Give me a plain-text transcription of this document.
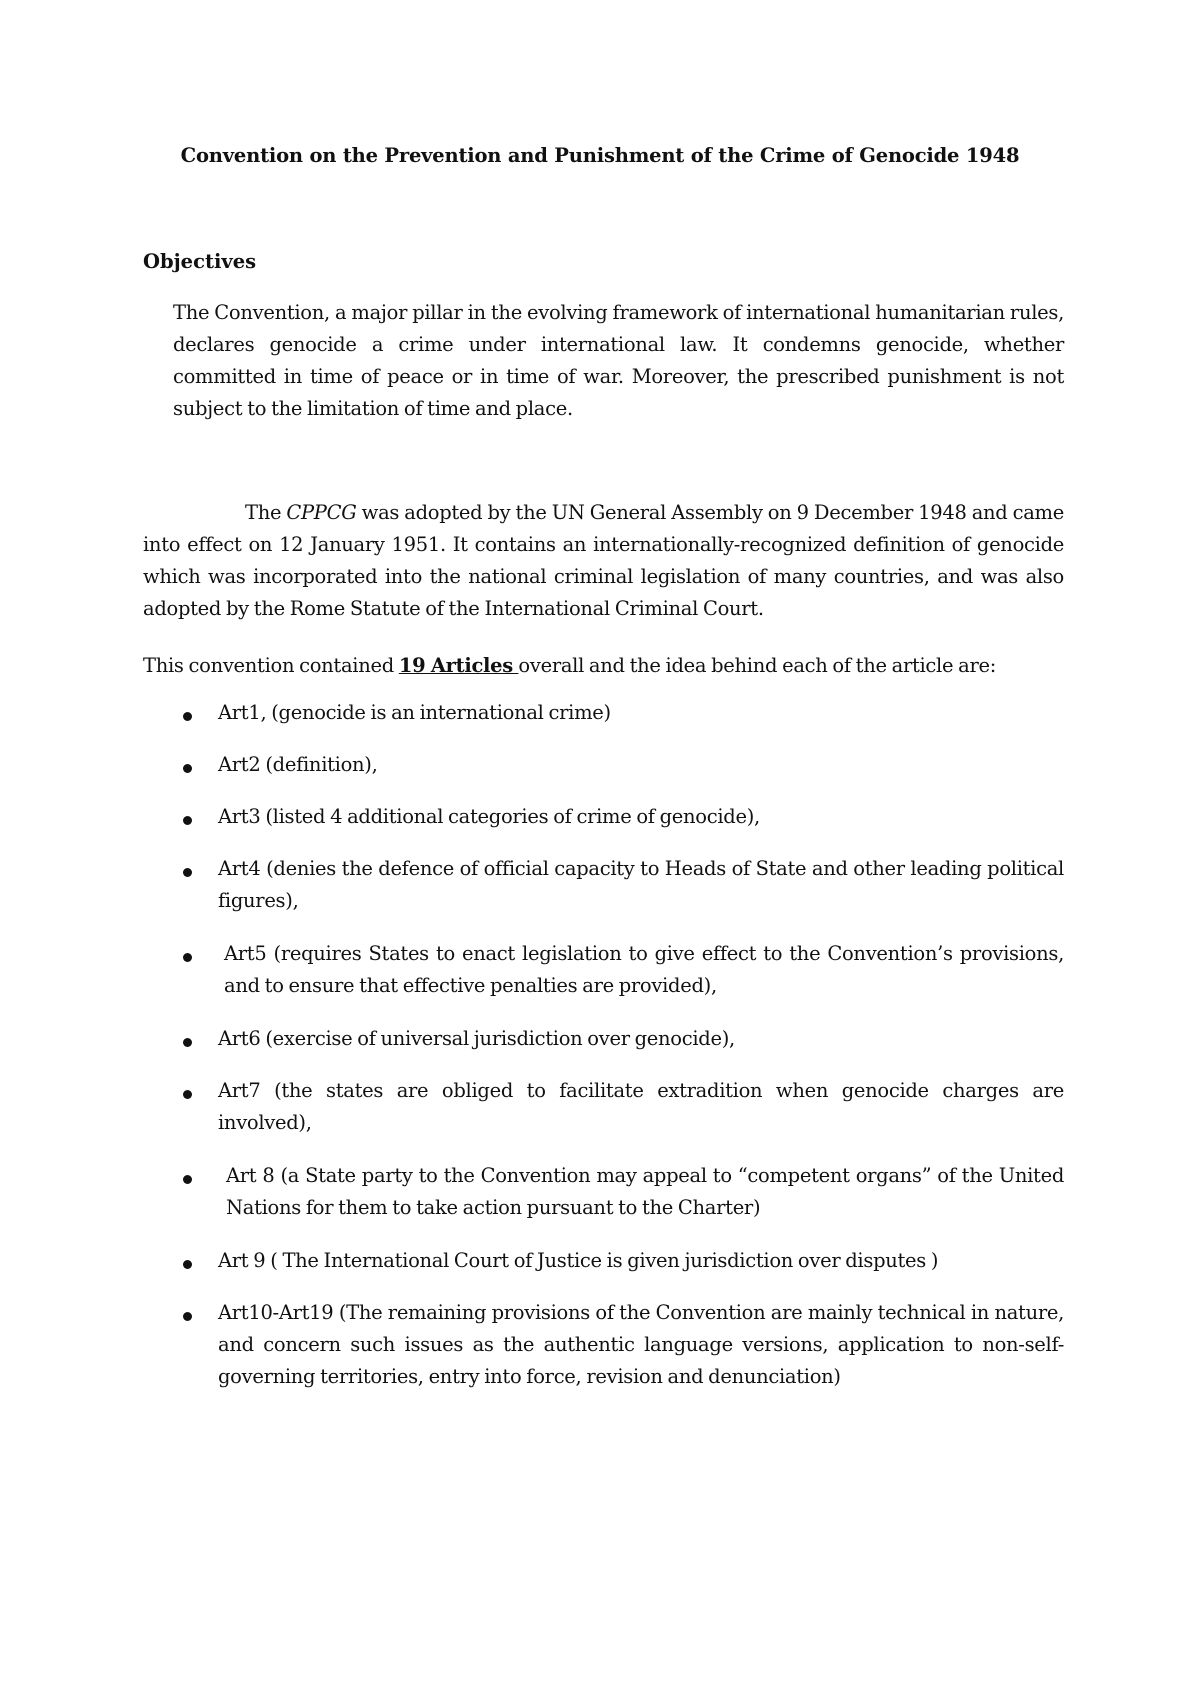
Convention on the Prevention and Punishment of the Crime of Genocide 1948
Objectives
The Convention, a major pillar in the evolving framework of international humanitarian rules, declares genocide a crime under international law. It condemns genocide, whether committed in time of peace or in time of war. Moreover, the prescribed punishment is not subject to the limitation of time and place.
The CPPCG was adopted by the UN General Assembly on 9 December 1948 and came into effect on 12 January 1951. It contains an internationally-recognized definition of genocide which was incorporated into the national criminal legislation of many countries, and was also adopted by the Rome Statute of the International Criminal Court.
This convention contained 19 Articles overall and the idea behind each of the article are:
Art1, (genocide is an international crime)
Art2 (definition),
Art3 (listed 4 additional categories of crime of genocide),
Art4 (denies the defence of official capacity to Heads of State and other leading political figures),
Art5 (requires States to enact legislation to give effect to the Convention’s provisions, and to ensure that effective penalties are provided),
Art6 (exercise of universal jurisdiction over genocide),
Art7 (the states are obliged to facilitate extradition when genocide charges are involved),
Art 8 (a State party to the Convention may appeal to “competent organs” of the United Nations for them to take action pursuant to the Charter)
Art 9 ( The International Court of Justice is given jurisdiction over disputes )
Art10-Art19 (The remaining provisions of the Convention are mainly technical in nature, and concern such issues as the authentic language versions, application to non-self-governing territories, entry into force, revision and denunciation)
